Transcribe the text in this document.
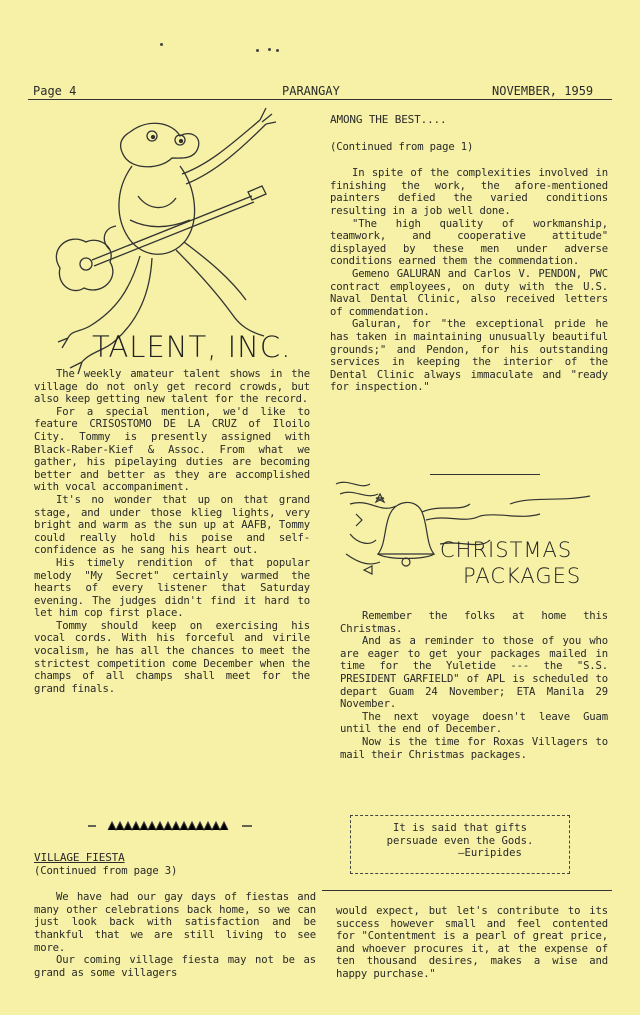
Page 4	PARANGAY	NOVEMBER, 1959
TALENT, INC.

The weekly amateur talent shows in the village do not only get record crowds, but also keep getting new talent for the record.

For a special mention, we'd like to feature CRISOSTOMO DE LA CRUZ of Iloilo City. Tommy is presently assigned with Black-Raber-Kief & Assoc. From what we gather, his pipelaying duties are becoming better and better as they are accomplished with vocal accompaniment.

It's no wonder that up on that grand stage, and under those klieg lights, very bright and warm as the sun up at AAFB, Tommy could really hold his poise and self-confidence as he sang his heart out.

His timely rendition of that popular melody "My Secret" certainly warmed the hearts of every listener that Saturday evening. The judges didn't find it hard to let him cop first place.

Tommy should keep on exercising his vocal cords. With his forceful and virile vocalism, he has all the chances to meet the strictest competition come December when the champs of all champs shall meet for the grand finals.

VILLAGE FIESTA
(Continued from page 3)

We have had our gay days of fiestas and many other celebrations back home, so we can just look back with satisfaction and be thankful that we are still living to see more.

Our coming village fiesta may not be as grand as some villagers

AMONG THE BEST....
(Continued from page 1)

In spite of the complexities involved in finishing the work, the afore-mentioned painters defied the varied conditions resulting in a job well done.

"The high quality of workmanship, teamwork, and cooperative attitude" displayed by these men under adverse conditions earned them the commendation.

Gemeno GALURAN and Carlos V. PENDON, PWC contract employees, on duty with the U.S. Naval Dental Clinic, also received letters of commendation.

Galuran, for "the exceptional pride he has taken in maintaining unusually beautiful grounds;" and Pendon, for his outstanding services in keeping the interior of the Dental Clinic always immaculate and "ready for inspection."

CHRISTMAS
PACKAGES

Remember the folks at home this Christmas.

And as a reminder to those of you who are eager to get your packages mailed in time for the Yuletide --- the "S.S. PRESIDENT GARFIELD" of APL is scheduled to depart Guam 24 November; ETA Manila 29 November.

The next voyage doesn't leave Guam until the end of December.

Now is the time for Roxas Villagers to mail their Christmas packages.

It is said that gifts
persuade even the Gods.
—Euripides

would expect, but let's contribute to its success however small and feel contented for "Contentment is a pearl of great price, and whoever procures it, at the expense of ten thousand desires, makes a wise and happy purchase."
